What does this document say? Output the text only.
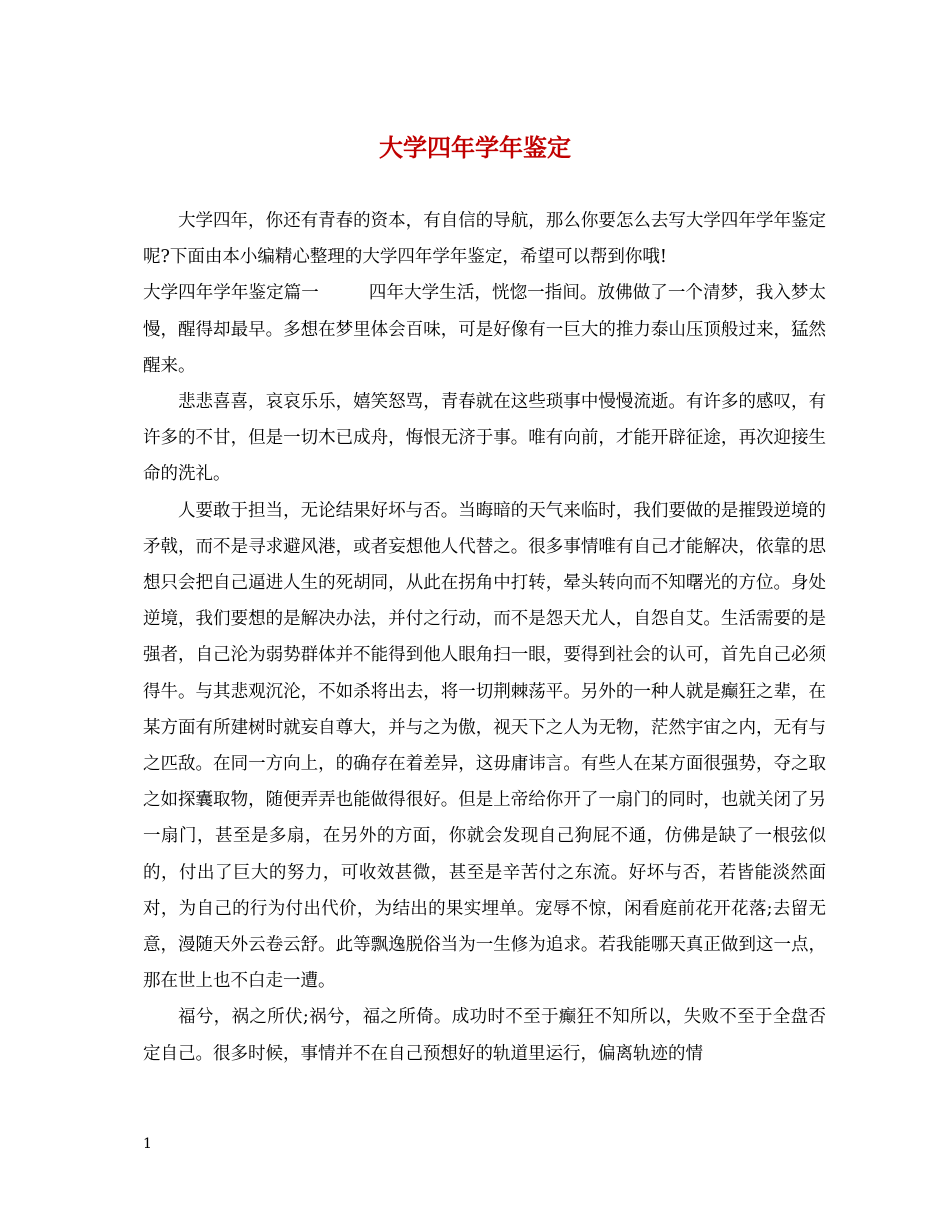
大学四年学年鉴定

大学四年，你还有青春的资本，有自信的导航，那么你要怎么去写大学四年学年鉴定呢?下面由本小编精心整理的大学四年学年鉴定，希望可以帮到你哦!

大学四年学年鉴定篇一	四年大学生活，恍惚一指间。放佛做了一个清梦，我入梦太慢，醒得却最早。多想在梦里体会百味，可是好像有一巨大的推力泰山压顶般过来，猛然醒来。

悲悲喜喜，哀哀乐乐，嬉笑怒骂，青春就在这些琐事中慢慢流逝。有许多的感叹，有许多的不甘，但是一切木已成舟，悔恨无济于事。唯有向前，才能开辟征途，再次迎接生命的洗礼。

人要敢于担当，无论结果好坏与否。当晦暗的天气来临时，我们要做的是摧毁逆境的矛戟，而不是寻求避风港，或者妄想他人代替之。很多事情唯有自己才能解决，依靠的思想只会把自己逼进人生的死胡同，从此在拐角中打转，晕头转向而不知曙光的方位。身处逆境，我们要想的是解决办法，并付之行动，而不是怨天尤人，自怨自艾。生活需要的是强者，自己沦为弱势群体并不能得到他人眼角扫一眼，要得到社会的认可，首先自己必须得牛。与其悲观沉沦，不如杀将出去，将一切荆棘荡平。另外的一种人就是癫狂之辈，在某方面有所建树时就妄自尊大，并与之为傲，视天下之人为无物，茫然宇宙之内，无有与之匹敌。在同一方向上，的确存在着差异，这毋庸讳言。有些人在某方面很强势，夺之取之如探囊取物，随便弄弄也能做得很好。但是上帝给你开了一扇门的同时，也就关闭了另一扇门，甚至是多扇，在另外的方面，你就会发现自己狗屁不通，仿佛是缺了一根弦似的，付出了巨大的努力，可收效甚微，甚至是辛苦付之东流。好坏与否，若皆能淡然面对，为自己的行为付出代价，为结出的果实埋单。宠辱不惊，闲看庭前花开花落;去留无意，漫随天外云卷云舒。此等飘逸脱俗当为一生修为追求。若我能哪天真正做到这一点，那在世上也不白走一遭。

福兮，祸之所伏;祸兮，福之所倚。成功时不至于癫狂不知所以，失败不至于全盘否定自己。很多时候，事情并不在自己预想好的轨道里运行，偏离轨迹的情

1
